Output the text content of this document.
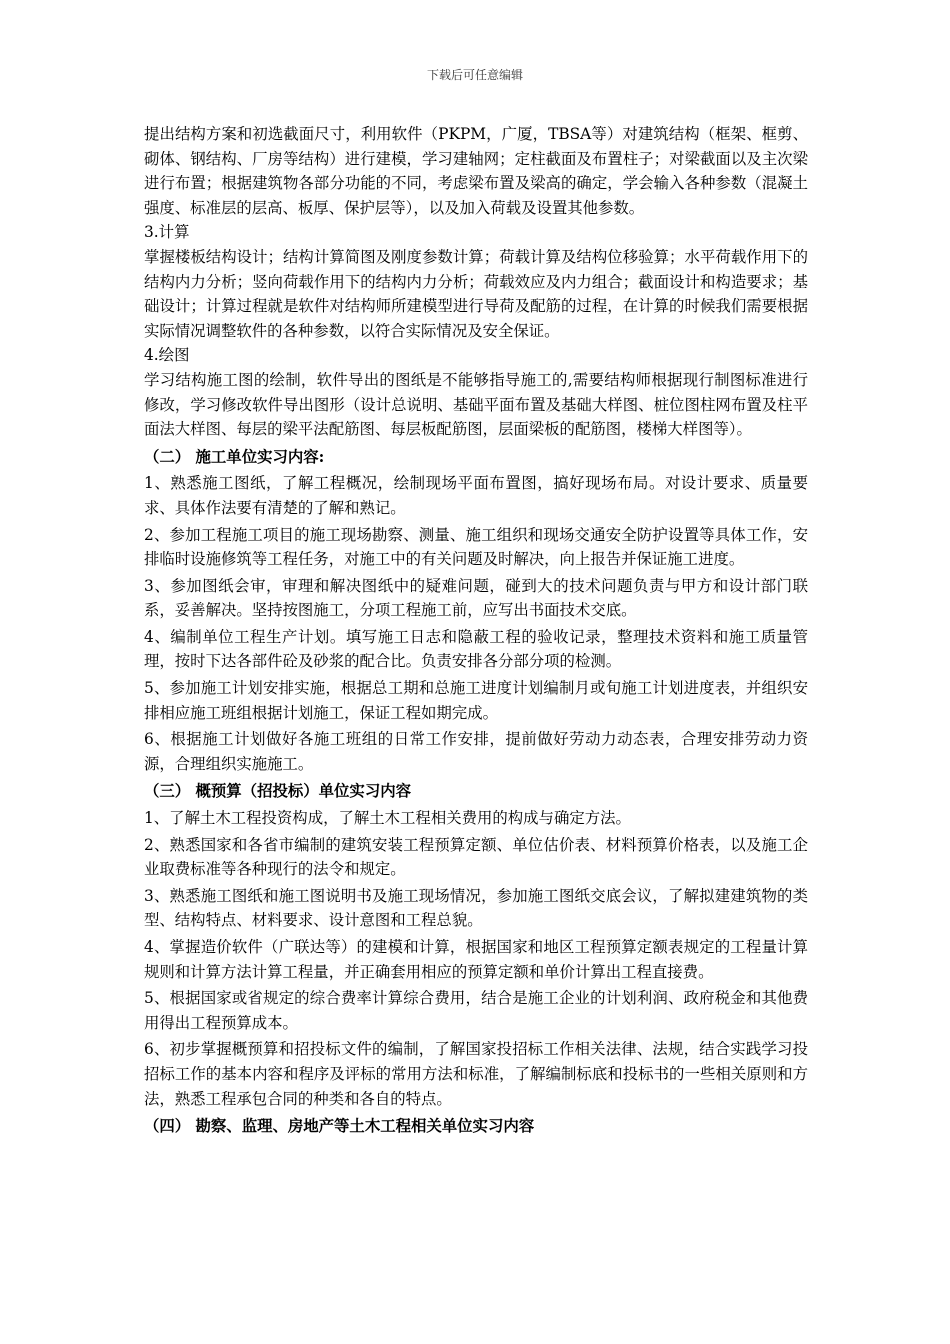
下载后可任意编辑

提出结构方案和初选截面尺寸，利用软件（PKPM，广厦，TBSA等）对建筑结构（框架、框剪、砌体、钢结构、厂房等结构）进行建模，学习建轴网；定柱截面及布置柱子；对梁截面以及主次梁进行布置；根据建筑物各部分功能的不同，考虑梁布置及梁高的确定，学会输入各种参数（混凝土强度、标准层的层高、板厚、保护层等），以及加入荷载及设置其他参数。

3.计算

掌握楼板结构设计；结构计算简图及刚度参数计算；荷载计算及结构位移验算；水平荷载作用下的结构内力分析；竖向荷载作用下的结构内力分析；荷载效应及内力组合；截面设计和构造要求；基础设计；计算过程就是软件对结构师所建模型进行导荷及配筋的过程，在计算的时候我们需要根据实际情况调整软件的各种参数，以符合实际情况及安全保证。

4.绘图

学习结构施工图的绘制，软件导出的图纸是不能够指导施工的,需要结构师根据现行制图标准进行修改，学习修改软件导出图形（设计总说明、基础平面布置及基础大样图、桩位图柱网布置及柱平面法大样图、每层的梁平法配筋图、每层板配筋图，层面梁板的配筋图，楼梯大样图等）。

（二） 施工单位实习内容:

1、熟悉施工图纸，了解工程概况，绘制现场平面布置图，搞好现场布局。对设计要求、质量要求、具体作法要有清楚的了解和熟记。

2、参加工程施工项目的施工现场勘察、测量、施工组织和现场交通安全防护设置等具体工作，安排临时设施修筑等工程任务，对施工中的有关问题及时解决，向上报告并保证施工进度。

3、参加图纸会审，审理和解决图纸中的疑难问题，碰到大的技术问题负责与甲方和设计部门联系，妥善解决。坚持按图施工，分项工程施工前，应写出书面技术交底。

4、编制单位工程生产计划。填写施工日志和隐蔽工程的验收记录，整理技术资料和施工质量管理，按时下达各部件砼及砂浆的配合比。负责安排各分部分项的检测。

5、参加施工计划安排实施，根据总工期和总施工进度计划编制月或旬施工计划进度表，并组织安排相应施工班组根据计划施工，保证工程如期完成。

6、根据施工计划做好各施工班组的日常工作安排，提前做好劳动力动态表，合理安排劳动力资源，合理组织实施施工。

（三） 概预算（招投标）单位实习内容

1、了解土木工程投资构成，了解土木工程相关费用的构成与确定方法。

2、熟悉国家和各省市编制的建筑安装工程预算定额、单位估价表、材料预算价格表，以及施工企业取费标准等各种现行的法令和规定。

3、熟悉施工图纸和施工图说明书及施工现场情况，参加施工图纸交底会议，了解拟建建筑物的类型、结构特点、材料要求、设计意图和工程总貌。

4、掌握造价软件（广联达等）的建模和计算，根据国家和地区工程预算定额表规定的工程量计算规则和计算方法计算工程量，并正确套用相应的预算定额和单价计算出工程直接费。

5、根据国家或省规定的综合费率计算综合费用，结合是施工企业的计划利润、政府税金和其他费用得出工程预算成本。

6、初步掌握概预算和招投标文件的编制，了解国家投招标工作相关法律、法规，结合实践学习投招标工作的基本内容和程序及评标的常用方法和标准，了解编制标底和投标书的一些相关原则和方法，熟悉工程承包合同的种类和各自的特点。

（四） 勘察、监理、房地产等土木工程相关单位实习内容
